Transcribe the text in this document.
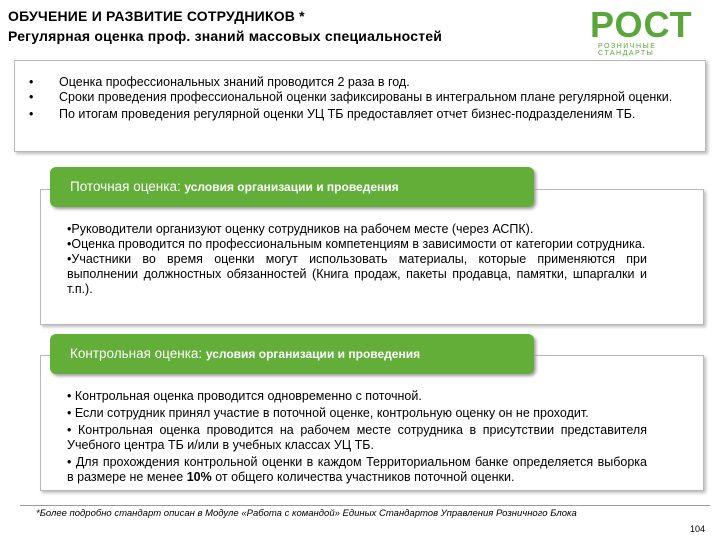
ОБУЧЕНИЕ И РАЗВИТИЕ СОТРУДНИКОВ *
Регулярная оценка проф. знаний массовых специальностей	РОСТ
РОЗНИЧНЫЕ СТАНДАРТЫ
• Оценка профессиональных знаний проводится 2 раза в год.
• Сроки проведения профессиональной оценки зафиксированы в интегральном плане регулярной оценки.
• По итогам проведения регулярной оценки УЦ ТБ предоставляет отчет бизнес-подразделениям ТБ.

•Руководители организуют оценку сотрудников на рабочем месте (через АСПК).

•Оценка проводится по профессиональным компетенциям в зависимости от категории сотрудника.

•Участники во время оценки могут использовать материалы, которые применяются при выполнении должностных обязанностей (Книга продаж, пакеты продавца, памятки, шпаргалки и т.п.).

Поточная оценка: условия организации и проведения

• Контрольная оценка проводится одновременно с поточной.

• Если сотрудник принял участие в поточной оценке, контрольную оценку он не проходит.

• Контрольная оценка проводится на рабочем месте сотрудника в присутствии представителя Учебного центра ТБ и/или в учебных классах УЦ ТБ.

• Для прохождения контрольной оценки в каждом Территориальном банке определяется выборка в размере не менее 10% от общего количества участников поточной оценки.

Контрольная оценка: условия организации и проведения
*Более подробно стандарт описан в Модуле «Работа с командой» Единых Стандартов Управления Розничного Блока
104
